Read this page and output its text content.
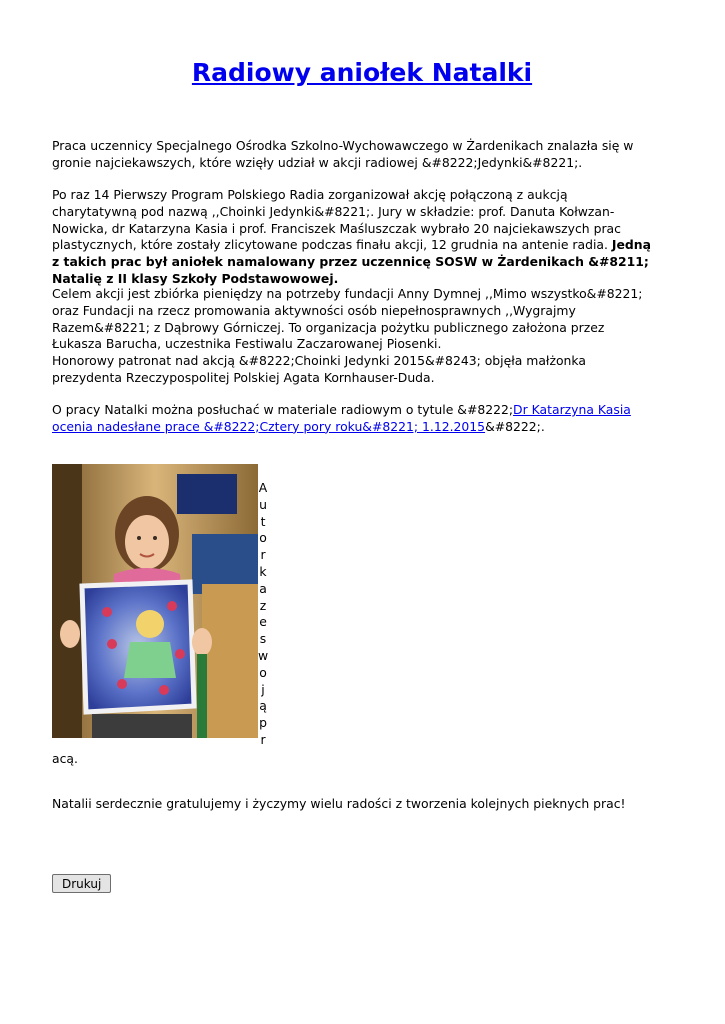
Radiowy aniołek Natalki

Praca uczennicy Specjalnego Ośrodka Szkolno-Wychowawczego w Żardenikach znalazła się w gronie najciekawszych, które wzięły udział w akcji radiowej &#8222;Jedynki&#8221;.

Po raz 14 Pierwszy Program Polskiego Radia zorganizował akcję połączoną z aukcją charytatywną pod nazwą ,,Choinki Jedynki&#8221;. Jury w składzie: prof. Danuta Kołwzan-Nowicka, dr Katarzyna Kasia i prof. Franciszek Maśluszczak wybrało 20 najciekawszych prac plastycznych, które zostały zlicytowane podczas finału akcji, 12 grudnia na antenie radia. Jedną z takich prac był aniołek namalowany przez uczennicę SOSW w Żardenikach &#8211; Natalię z II klasy Szkoły Podstawowowej.

Celem akcji jest zbiórka pieniędzy na potrzeby fundacji Anny Dymnej ,,Mimo wszystko&#8221; oraz Fundacji na rzecz promowania aktywności osób niepełnosprawnych ,,Wygrajmy Razem&#8221; z Dąbrowy Górniczej. To organizacja pożytku publicznego założona przez Łukasza Barucha, uczestnika Festiwalu Zaczarowanej Piosenki.
Honorowy patronat nad akcją &#8222;Choinki Jedynki 2015&#8243; objęła małżonka prezydenta Rzeczypospolitej Polskiej Agata Kornhauser-Duda.

O pracy Natalki można posłuchać w materiale radiowym o tytule &#8222;Dr Katarzyna Kasia ocenia nadesłane prace &#8222;Cztery pory roku&#8221; 1.12.2015&#8222;.

Autorka ze swoją pr
acą.

Natalii serdecznie gratulujemy i życzymy wielu radości z tworzenia kolejnych pieknych prac!

Drukuj
